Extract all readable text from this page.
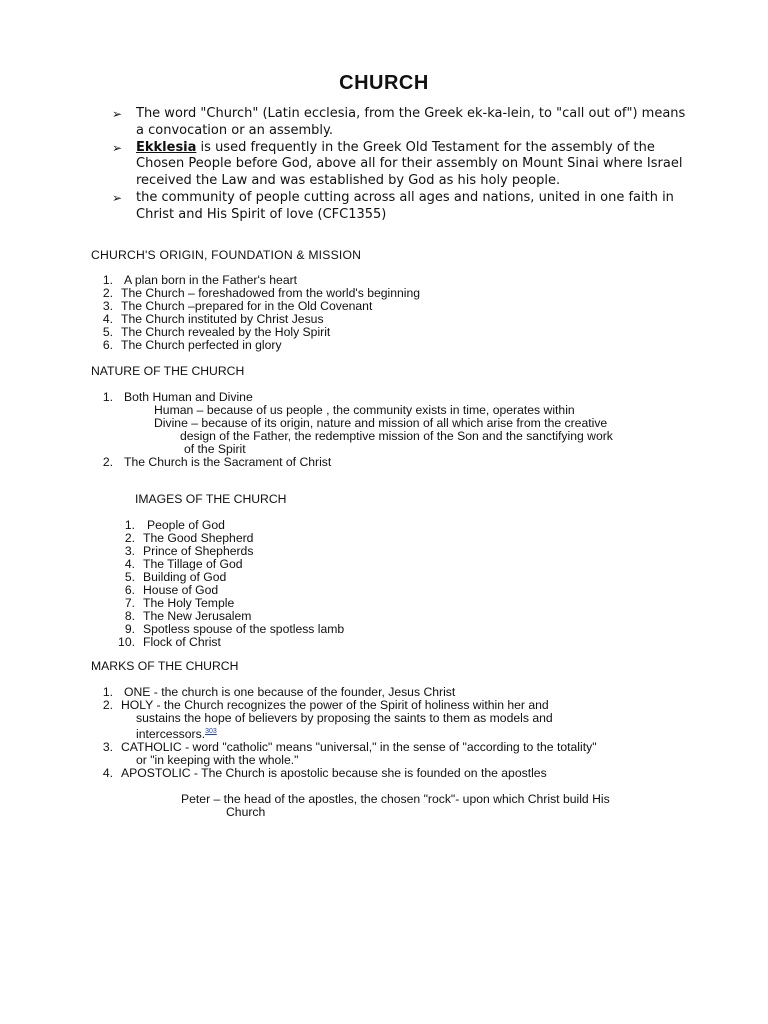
CHURCH
➢	The word "Church" (Latin ecclesia, from the Greek ek-ka-lein, to "call out of") means a convocation or an assembly.
➢	Ekklesia is used frequently in the Greek Old Testament for the assembly of the Chosen People before God, above all for their assembly on Mount Sinai where Israel received the Law and was established by God as his holy people.
➢	the community of people cutting across all ages and nations, united in one faith in Christ and His Spirit of love (CFC1355)
CHURCH'S ORIGIN, FOUNDATION & MISSION
1. A plan born in the Father's heart
2. The Church – foreshadowed from the world's beginning
3. The Church –prepared for in the Old Covenant
4. The Church instituted by Christ Jesus
5. The Church revealed by the Holy Spirit
6. The Church perfected in glory
NATURE OF THE CHURCH
1. Both Human and Divine
Human – because of us people , the community exists in time, operates within
Divine – because of its origin, nature and mission of all which arise from the creative
design of the Father, the redemptive mission of the Son and the sanctifying work
of the Spirit
2. The Church is the Sacrament of Christ
IMAGES OF THE CHURCH
1. People of God
2. The Good Shepherd
3. Prince of Shepherds
4. The Tillage of God
5. Building of God
6. House of God
7. The Holy Temple
8. The New Jerusalem
9. Spotless spouse of the spotless lamb
10. Flock of Christ
MARKS OF THE CHURCH
1. ONE - the church is one because of the founder, Jesus Christ
2. HOLY - the Church recognizes the power of the Spirit of holiness within her and
sustains the hope of believers by proposing the saints to them as models and
intercessors.$^{303}$
3. CATHOLIC - word "catholic" means "universal," in the sense of "according to the totality"
or "in keeping with the whole."
4. APOSTOLIC - The Church is apostolic because she is founded on the apostles
Peter – the head of the apostles, the chosen "rock"- upon which Christ build His
Church
